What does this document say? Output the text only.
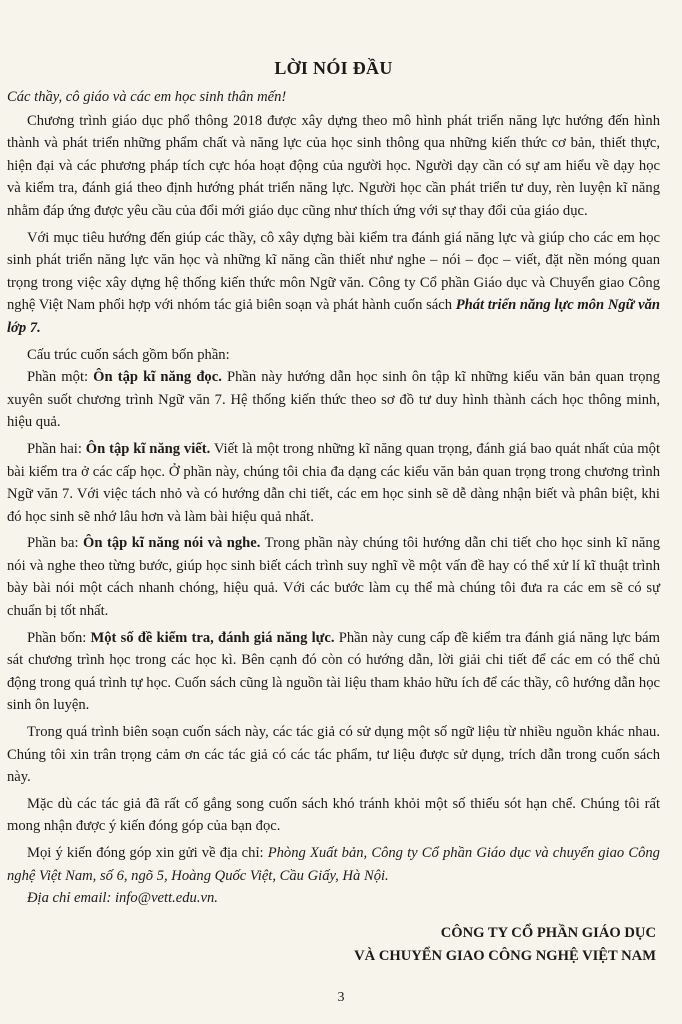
LỜI NÓI ĐẦU
Các thầy, cô giáo và các em học sinh thân mến!

Chương trình giáo dục phổ thông 2018 được xây dựng theo mô hình phát triển năng lực hướng đến hình thành và phát triển những phẩm chất và năng lực của học sinh thông qua những kiến thức cơ bản, thiết thực, hiện đại và các phương pháp tích cực hóa hoạt động của người học. Người dạy cần có sự am hiểu về dạy học và kiểm tra, đánh giá theo định hướng phát triển năng lực. Người học cần phát triển tư duy, rèn luyện kĩ năng nhằm đáp ứng được yêu cầu của đổi mới giáo dục cũng như thích ứng với sự thay đổi của giáo dục.

Với mục tiêu hướng đến giúp các thầy, cô xây dựng bài kiểm tra đánh giá năng lực và giúp cho các em học sinh phát triển năng lực văn học và những kĩ năng cần thiết như nghe – nói – đọc – viết, đặt nền móng quan trọng trong việc xây dựng hệ thống kiến thức môn Ngữ văn. Công ty Cổ phần Giáo dục và Chuyển giao Công nghệ Việt Nam phối hợp với nhóm tác giả biên soạn và phát hành cuốn sách Phát triển năng lực môn Ngữ văn lớp 7.

Cấu trúc cuốn sách gồm bốn phần:

Phần một: Ôn tập kĩ năng đọc. Phần này hướng dẫn học sinh ôn tập kĩ những kiểu văn bản quan trọng xuyên suốt chương trình Ngữ văn 7. Hệ thống kiến thức theo sơ đồ tư duy hình thành cách học thông minh, hiệu quả.

Phần hai: Ôn tập kĩ năng viết. Viết là một trong những kĩ năng quan trọng, đánh giá bao quát nhất của một bài kiểm tra ở các cấp học. Ở phần này, chúng tôi chia đa dạng các kiểu văn bản quan trọng trong chương trình Ngữ văn 7. Với việc tách nhỏ và có hướng dẫn chi tiết, các em học sinh sẽ dễ dàng nhận biết và phân biệt, khi đó học sinh sẽ nhớ lâu hơn và làm bài hiệu quả nhất.

Phần ba: Ôn tập kĩ năng nói và nghe. Trong phần này chúng tôi hướng dẫn chi tiết cho học sinh kĩ năng nói và nghe theo từng bước, giúp học sinh biết cách trình suy nghĩ về một vấn đề hay có thể xử lí kĩ thuật trình bày bài nói một cách nhanh chóng, hiệu quả. Với các bước làm cụ thể mà chúng tôi đưa ra các em sẽ có sự chuẩn bị tốt nhất.

Phần bốn: Một số đề kiểm tra, đánh giá năng lực. Phần này cung cấp đề kiểm tra đánh giá năng lực bám sát chương trình học trong các học kì. Bên cạnh đó còn có hướng dẫn, lời giải chi tiết để các em có thể chủ động trong quá trình tự học. Cuốn sách cũng là nguồn tài liệu tham khảo hữu ích để các thầy, cô hướng dẫn học sinh ôn luyện.

Trong quá trình biên soạn cuốn sách này, các tác giả có sử dụng một số ngữ liệu từ nhiều nguồn khác nhau. Chúng tôi xin trân trọng cảm ơn các tác giả có các tác phẩm, tư liệu được sử dụng, trích dẫn trong cuốn sách này.

Mặc dù các tác giả đã rất cố gắng song cuốn sách khó tránh khỏi một số thiếu sót hạn chế. Chúng tôi rất mong nhận được ý kiến đóng góp của bạn đọc.

Mọi ý kiến đóng góp xin gửi về địa chỉ: Phòng Xuất bản, Công ty Cổ phần Giáo dục và chuyển giao Công nghệ Việt Nam, số 6, ngõ 5, Hoàng Quốc Việt, Cầu Giấy, Hà Nội.

Địa chỉ email: info@vett.edu.vn.

CÔNG TY CỔ PHẦN GIÁO DỤC
VÀ CHUYỂN GIAO CÔNG NGHỆ VIỆT NAM
3
